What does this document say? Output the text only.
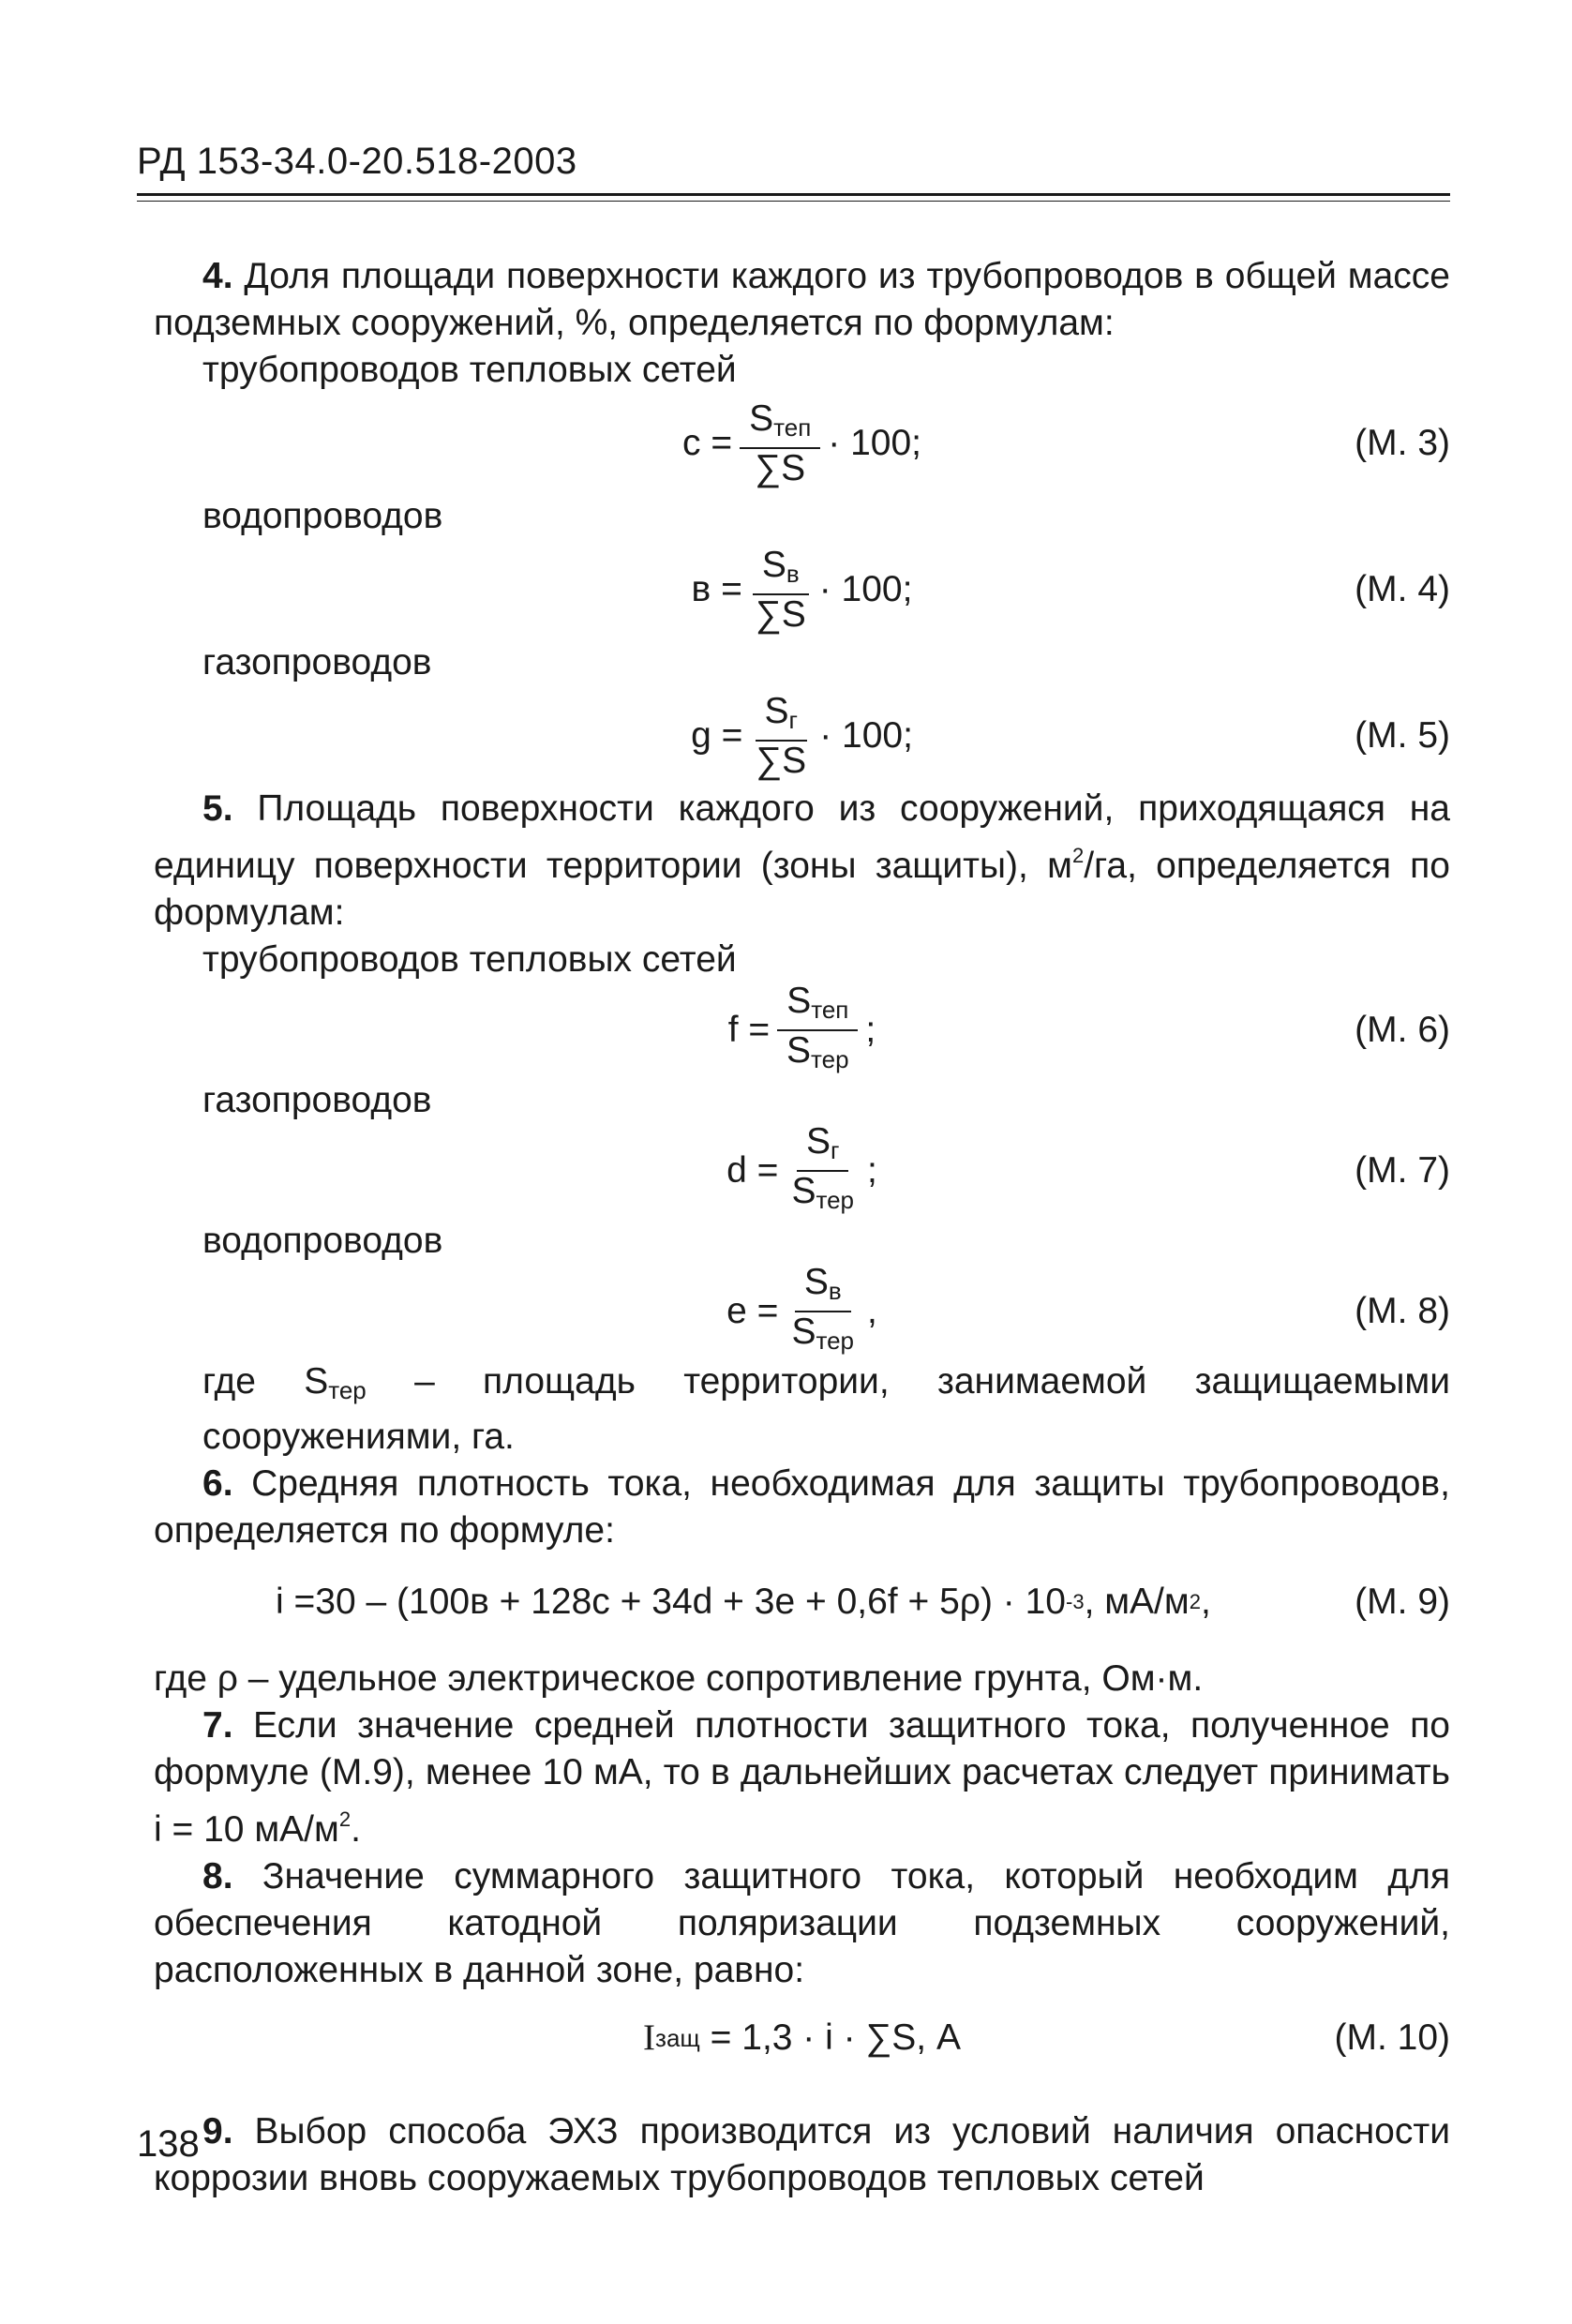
РД 153-34.0-20.518-2003

4. Доля площади поверхности каждого из трубопроводов в общей массе подземных сооружений, %, определяется по формулам:

трубопроводов тепловых сетей

$c = \frac{S_{теп}}{\sum S} \cdot 100$;	(М. 3)

водопроводов

$в = \frac{S_в}{\sum S} \cdot 100$;	(М. 4)

газопроводов

$g = \frac{S_г}{\sum S} \cdot 100$;	(М. 5)

5. Площадь поверхности каждого из сооружений, приходящаяся на единицу поверхности территории (зоны защиты), $м^2/га$, определяется по формулам:

трубопроводов тепловых сетей

$f = \frac{S_{теп}}{S_{тер}}$ ;	(М. 6)

газопроводов

$d = \frac{S_г}{S_{тер}}$ ;	(М. 7)

водопроводов

$e = \frac{S_в}{S_{тер}}$ ,	(М. 8)

где $S_{тер}$ – площадь территории, занимаемой защищаемыми сооружениями, га.

6. Средняя плотность тока, необходимая для защиты трубопроводов, определяется по формуле:

i =30 – (100в + 128с + 34d + 3е + 0,6f + 5ρ) · 10 -3 , мА/м 2 ,	(М. 9)

где ρ – удельное электрическое сопротивление грунта, Ом·м.

7. Если значение средней плотности защитного тока, полученное по формуле (М.9), менее 10 мА, то в дальнейших расчетах следует принимать i = 10 $мА/м^2$.

8. Значение суммарного защитного тока, который необходим для обеспечения катодной поляризации подземных сооружений, расположенных в данной зоне, равно:

I защ = 1,3 · i · ∑S, А	(М. 10)

9. Выбор способа ЭХЗ производится из условий наличия опасности коррозии вновь сооружаемых трубопроводов тепловых сетей

138
